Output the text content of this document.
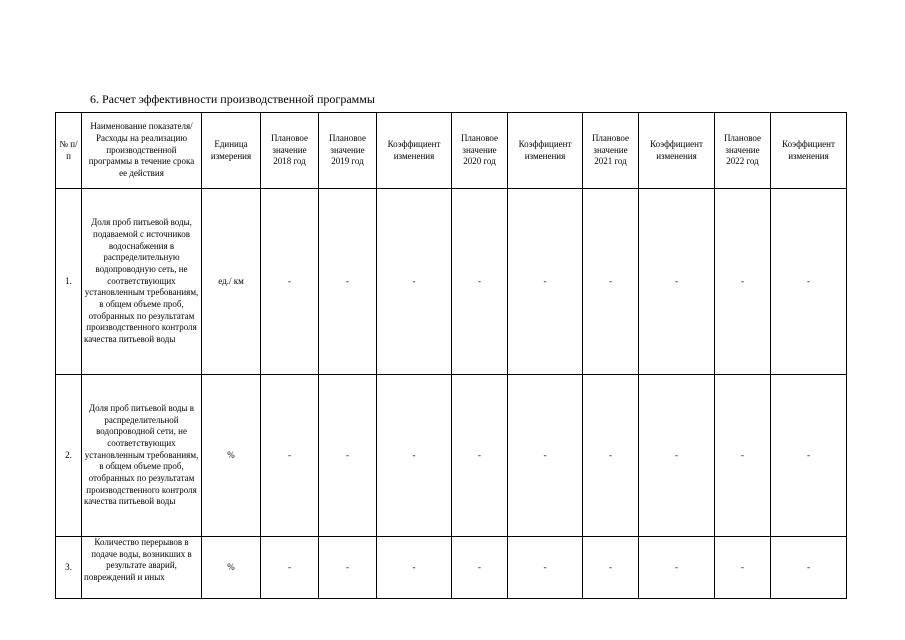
6. Расчет эффективности производственной программы
№ п/п	Наименование показателя/Расходы на реализацию производственной программы в течение срока ее действия	Единица измерения	Плановое значение 2018 год	Плановое значение 2019 год	Коэффициент изменения	Плановое значение 2020 год	Коэффициент изменения	Плановое значение 2021 год	Коэффициент изменения	Плановое значение 2022 год	Коэффициент изменения
1.	Доля проб питьевой воды, подаваемой с источников водоснабжения в распределительную водопроводную сеть, не соответствующих установленным требованиям, в общем объеме проб, отобранных по результатам производственного контроля качества питьевой воды	ед./ км	-	-	-	-	-	-	-	-	-
2.	Доля проб питьевой воды в распределительной водопроводной сети, не соответствующих установленным требованиям, в общем объеме проб, отобранных по результатам производственного контроля качества питьевой воды	%	-	-	-	-	-	-	-	-	-
3.	Количество перерывов в подаче воды, возникших в результате аварий, повреждений и иных	%	-	-	-	-	-	-	-	-	-
